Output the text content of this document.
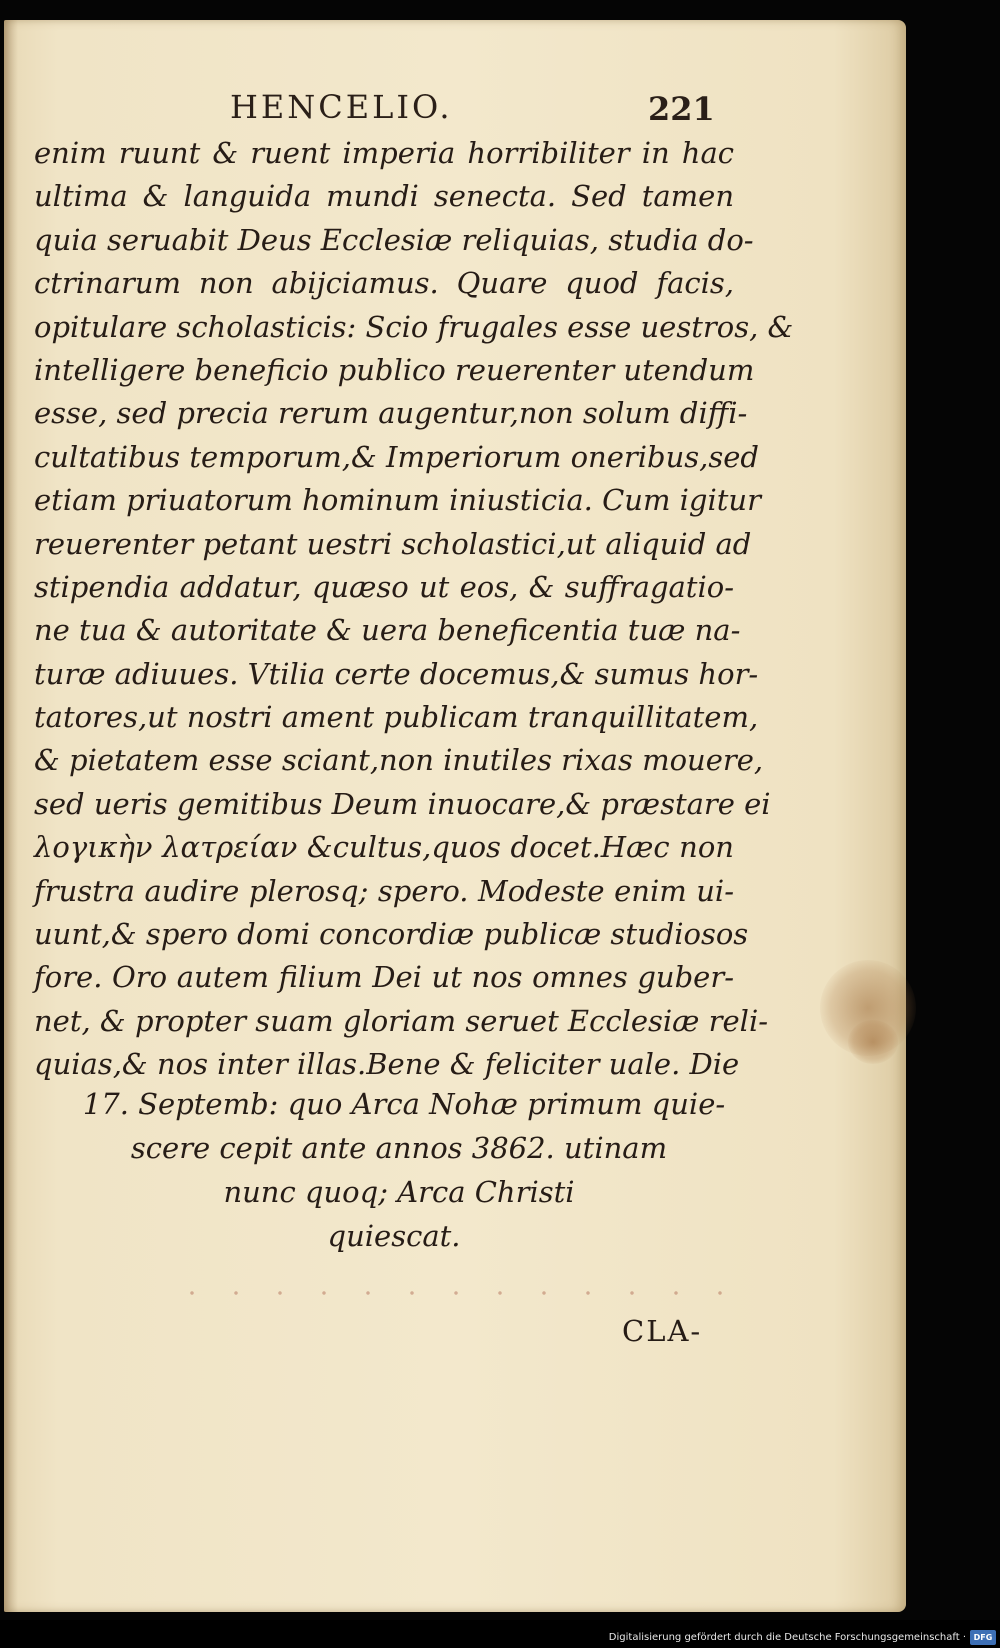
HENCELIO.	221
enim ruunt & ruent imperia horribiliter in hac
ultima & languida mundi senecta. Sed tamen
quia seruabit Deus Ecclesiæ reliquias, studia do-
ctrinarum non abijciamus. Quare quod facis,
opitulare scholasticis: Scio frugales esse uestros, &
intelligere beneficio publico reuerenter utendum
esse, sed precia rerum augentur,non solum diffi-
cultatibus temporum,& Imperiorum oneribus,sed
etiam priuatorum hominum iniusticia. Cum igitur
reuerenter petant uestri scholastici,ut aliquid ad
stipendia addatur, quæso ut eos, & suffragatio-
ne tua & autoritate & uera beneficentia tuæ na-
turæ adiuues. Vtilia certe docemus,& sumus hor-
tatores,ut nostri ament publicam tranquillitatem,
& pietatem esse sciant,non inutiles rixas mouere,
sed ueris gemitibus Deum inuocare,& præstare ei
λογικὴν λατρείαν &cultus,quos docet.Hæc non
frustra audire plerosq; spero. Modeste enim ui-
uunt,& spero domi concordiæ publicæ studiosos
fore. Oro autem filium Dei ut nos omnes guber-
net, & propter suam gloriam seruet Ecclesiæ reli-
quias,& nos inter illas.Bene & feliciter uale. Die
17. Septemb: quo Arca Nohæ primum quie-
scere cepit ante annos 3862. utinam
nunc quoq; Arca Christi
quiescat.
CLA-
Digitalisierung gefördert durch die Deutsche Forschungsgemeinschaft · DFG
